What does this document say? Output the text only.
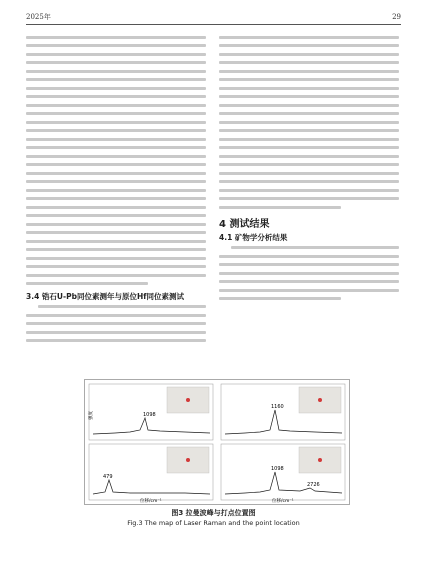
2025年	29
3.4 锆石U-Pb同位素测年与原位Hf同位素测试
4 测试结果
4.1 矿物学分析结果
1098
1160
479
1098
2726
位移/cm⁻¹	位移/cm⁻¹
强度
图3 拉曼波峰与打点位置图
Fig.3 The map of Laser Raman and the point location
